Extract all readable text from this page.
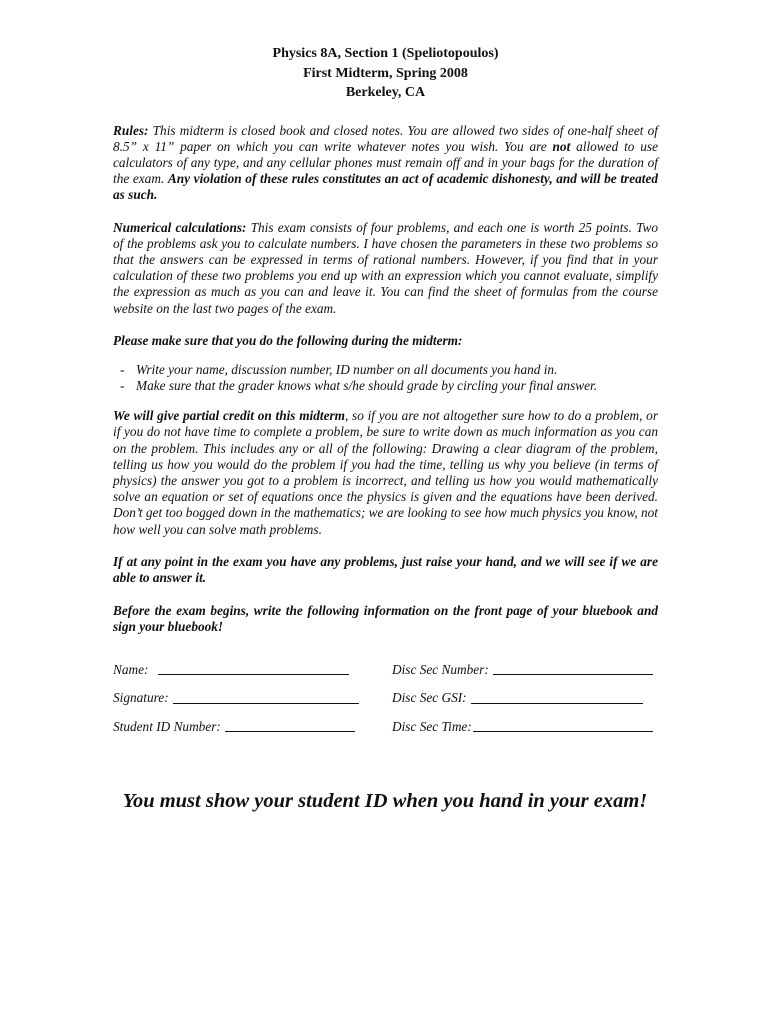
Physics 8A, Section 1 (Speliotopoulos)

First Midterm, Spring 2008

Berkeley, CA

Rules: This midterm is closed book and closed notes. You are allowed two sides of one-half sheet of 8.5” x 11” paper on which you can write whatever notes you wish. You are not allowed to use calculators of any type, and any cellular phones must remain off and in your bags for the duration of the exam. Any violation of these rules constitutes an act of academic dishonesty, and will be treated as such.

Numerical calculations: This exam consists of four problems, and each one is worth 25 points. Two of the problems ask you to calculate numbers. I have chosen the parameters in these two problems so that the answers can be expressed in terms of rational numbers. However, if you find that in your calculation of these two problems you end up with an expression which you cannot evaluate, simplify the expression as much as you can and leave it. You can find the sheet of formulas from the course website on the last two pages of the exam.

Please make sure that you do the following during the midterm:

- Write your name, discussion number, ID number on all documents you hand in.
- Make sure that the grader knows what s/he should grade by circling your final answer.

We will give partial credit on this midterm, so if you are not altogether sure how to do a problem, or if you do not have time to complete a problem, be sure to write down as much information as you can on the problem. This includes any or all of the following: Drawing a clear diagram of the problem, telling us how you would do the problem if you had the time, telling us why you believe (in terms of physics) the answer you got to a problem is incorrect, and telling us how you would mathematically solve an equation or set of equations once the physics is given and the equations have been derived. Don’t get too bogged down in the mathematics; we are looking to see how much physics you know, not how well you can solve math problems.

If at any point in the exam you have any problems, just raise your hand, and we will see if we are able to answer it.

Before the exam begins, write the following information on the front page of your bluebook and sign your bluebook!

Name:	Disc Sec Number:
Signature:	Disc Sec GSI:
Student ID Number:	Disc Sec Time:
You must show your student ID when you hand in your exam!
